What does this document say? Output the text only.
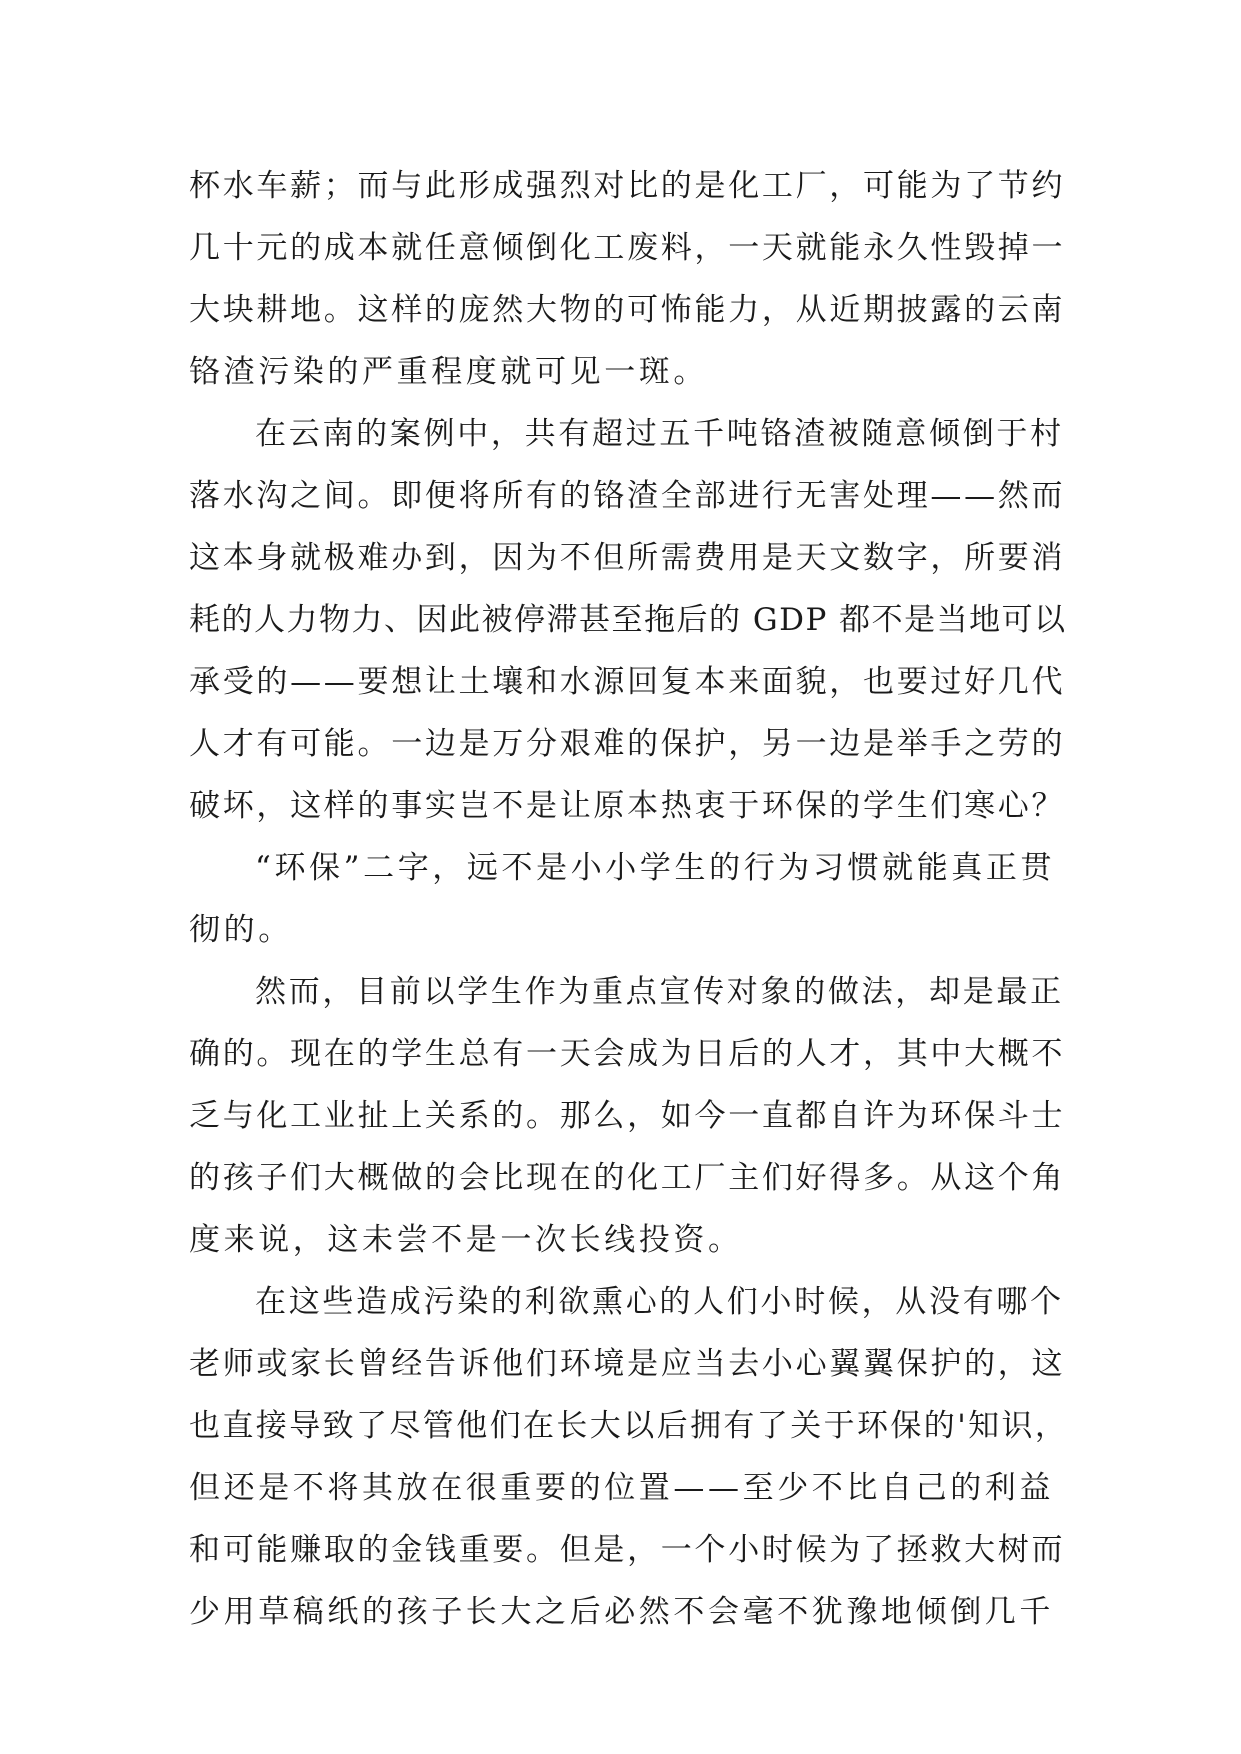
杯水车薪；而与此形成强烈对比的是化工厂，可能为了节约
几十元的成本就任意倾倒化工废料，一天就能永久性毁掉一
大块耕地。这样的庞然大物的可怖能力，从近期披露的云南
铬渣污染的严重程度就可见一斑。
在云南的案例中，共有超过五千吨铬渣被随意倾倒于村
落水沟之间。即便将所有的铬渣全部进行无害处理——然而
这本身就极难办到，因为不但所需费用是天文数字，所要消
耗的人力物力、因此被停滞甚至拖后的 GDP 都不是当地可以
承受的——要想让土壤和水源回复本来面貌，也要过好几代
人才有可能。一边是万分艰难的保护，另一边是举手之劳的
破坏，这样的事实岂不是让原本热衷于环保的学生们寒心？
“环保”二字，远不是小小学生的行为习惯就能真正贯
彻的。
然而，目前以学生作为重点宣传对象的做法，却是最正
确的。现在的学生总有一天会成为日后的人才，其中大概不
乏与化工业扯上关系的。那么，如今一直都自许为环保斗士
的孩子们大概做的会比现在的化工厂主们好得多。从这个角
度来说，这未尝不是一次长线投资。
在这些造成污染的利欲熏心的人们小时候，从没有哪个
老师或家长曾经告诉他们环境是应当去小心翼翼保护的，这
也直接导致了尽管他们在长大以后拥有了关于环保的'知识，
但还是不将其放在很重要的位置——至少不比自己的利益
和可能赚取的金钱重要。但是，一个小时候为了拯救大树而
少用草稿纸的孩子长大之后必然不会毫不犹豫地倾倒几千
